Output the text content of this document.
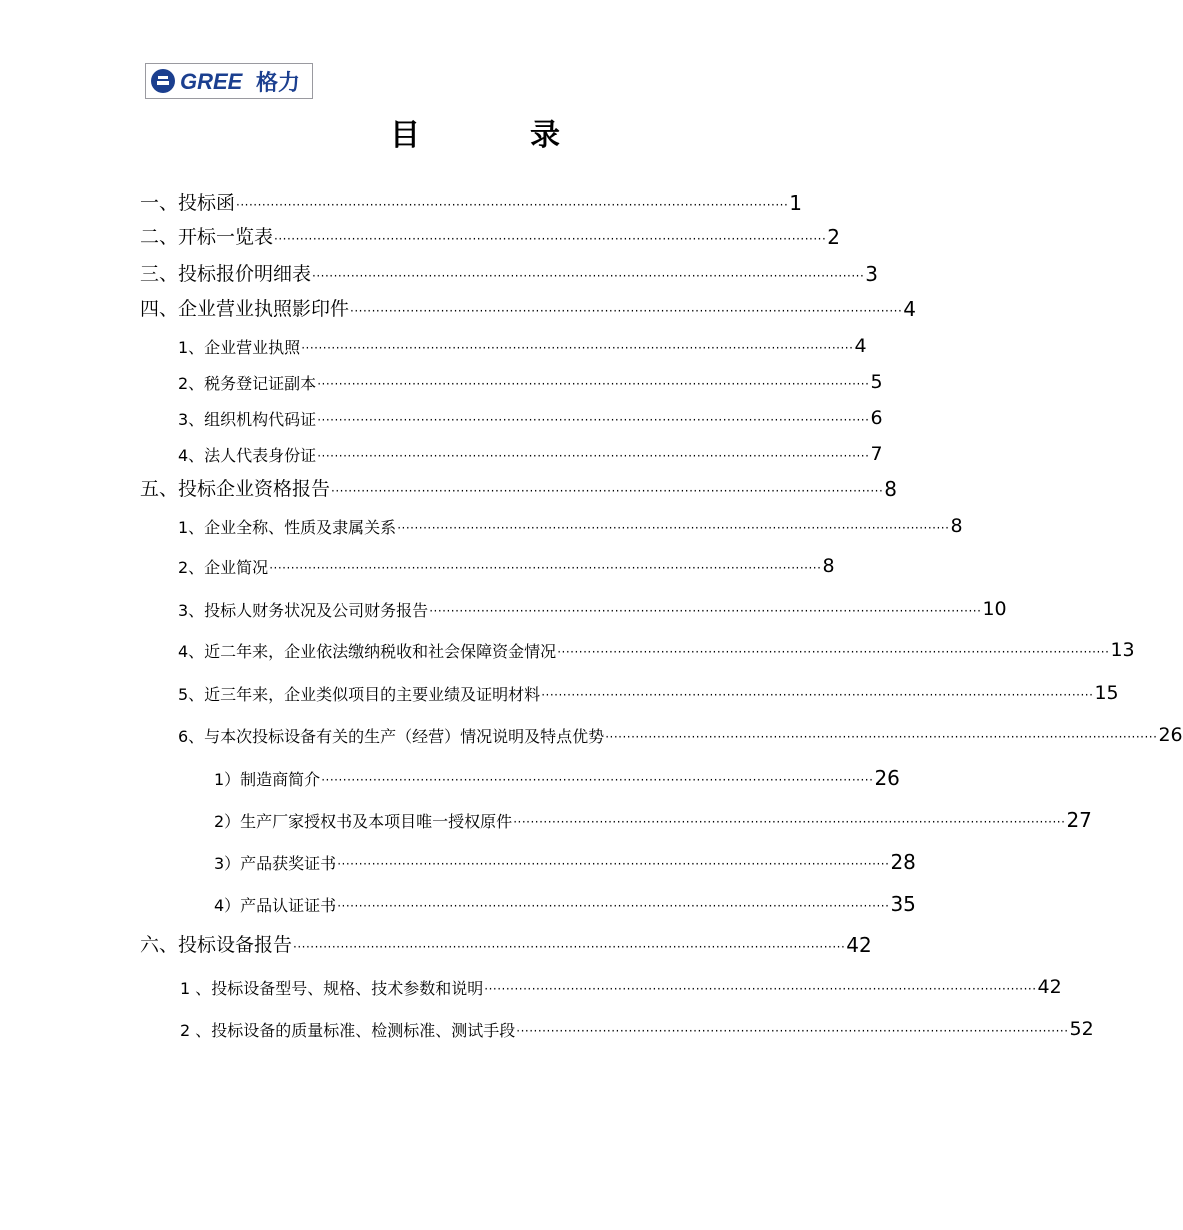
GREE 格力
目　录
一、投标函 ································································································································ 1
二、开标一览表 ································································································································ 2
三、投标报价明细表 ································································································································ 3
四、企业营业执照影印件 ································································································································ 4
1、企业营业执照 ································································································································ 4
2、税务登记证副本 ································································································································ 5
3、组织机构代码证 ································································································································ 6
4、法人代表身份证 ································································································································ 7
五、投标企业资格报告 ································································································································ 8
1、企业全称、性质及隶属关系 ································································································································ 8
2、企业简况 ································································································································ 8
3、投标人财务状况及公司财务报告 ································································································································ 10
4、近二年来，企业依法缴纳税收和社会保障资金情况 ································································································································ 13
5、近三年来，企业类似项目的主要业绩及证明材料 ································································································································ 15
6、与本次投标设备有关的生产（经营）情况说明及特点优势 ································································································································ 26
1）制造商简介 ································································································································ 26
2）生产厂家授权书及本项目唯一授权原件 ································································································································ 27
3）产品获奖证书 ································································································································ 28
4）产品认证证书 ································································································································ 35
六、投标设备报告 ································································································································ 42
1 、投标设备型号、规格、技术参数和说明 ································································································································ 42
2 、投标设备的质量标准、检测标准、测试手段 ································································································································ 52
